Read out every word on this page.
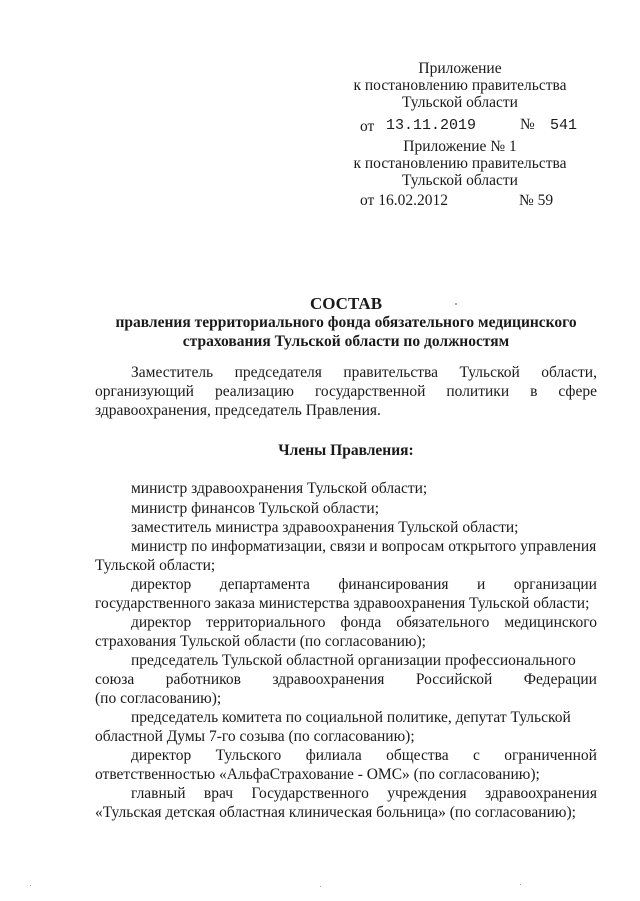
Приложение
к постановлению правительства
Тульской области
от 13.11.2019	№ 541
Приложение № 1
к постановлению правительства
Тульской области
от 16.02.2012	№ 59
СОСТАВ
правления территориального фонда обязательного медицинского
страхования Тульской области по должностям
Заместитель председателя правительства Тульской области,
организующий реализацию государственной политики в сфере
здравоохранения, председатель Правления.
Члены Правления:
министр здравоохранения Тульской области;
министр финансов Тульской области;
заместитель министра здравоохранения Тульской области;
министр по информатизации, связи и вопросам открытого управления
Тульской области;
директор департамента финансирования и организации
государственного заказа министерства здравоохранения Тульской области;
директор территориального фонда обязательного медицинского
страхования Тульской области (по согласованию);
председатель Тульской областной организации профессионального
союза работников здравоохранения Российской Федерации
(по согласованию);
председатель комитета по социальной политике, депутат Тульской
областной Думы 7-го созыва (по согласованию);
директор Тульского филиала общества с ограниченной
ответственностью «АльфаСтрахование - ОМС» (по согласованию);
главный врач Государственного учреждения здравоохранения
«Тульская детская областная клиническая больница» (по согласованию);
